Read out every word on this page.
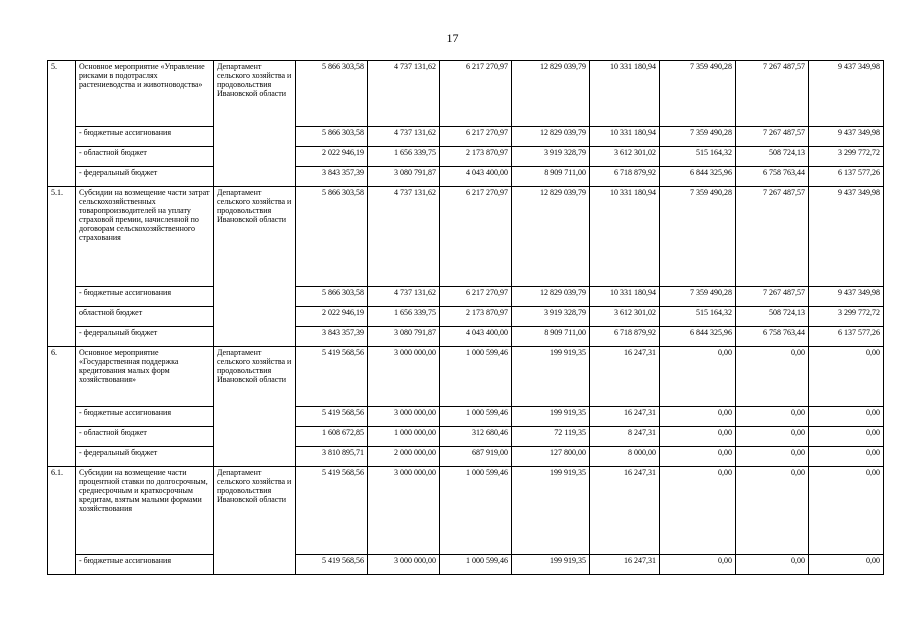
17
5.	Основное мероприятие «Управление рисками в подотраслях растениеводства и животноводства»	Департамент сельского хозяйства и продовольствия Ивановской области	5 866 303,58	4 737 131,62	6 217 270,97	12 829 039,79	10 331 180,94	7 359 490,28	7 267 487,57	9 437 349,98
	- бюджетные ассигнования		5 866 303,58	4 737 131,62	6 217 270,97	12 829 039,79	10 331 180,94	7 359 490,28	7 267 487,57	9 437 349,98
	- областной бюджет		2 022 946,19	1 656 339,75	2 173 870,97	3 919 328,79	3 612 301,02	515 164,32	508 724,13	3 299 772,72
	- федеральный бюджет		3 843 357,39	3 080 791,87	4 043 400,00	8 909 711,00	6 718 879,92	6 844 325,96	6 758 763,44	6 137 577,26
5.1.	Субсидии на возмещение части затрат сельскохозяйственных товаропроизводителей на уплату страховой премии, начисленной по договорам сельскохозяйственного страхования	Департамент сельского хозяйства и продовольствия Ивановской области	5 866 303,58	4 737 131,62	6 217 270,97	12 829 039,79	10 331 180,94	7 359 490,28	7 267 487,57	9 437 349,98
	- бюджетные ассигнования		5 866 303,58	4 737 131,62	6 217 270,97	12 829 039,79	10 331 180,94	7 359 490,28	7 267 487,57	9 437 349,98
	областной бюджет		2 022 946,19	1 656 339,75	2 173 870,97	3 919 328,79	3 612 301,02	515 164,32	508 724,13	3 299 772,72
	- федеральный бюджет		3 843 357,39	3 080 791,87	4 043 400,00	8 909 711,00	6 718 879,92	6 844 325,96	6 758 763,44	6 137 577,26
6.	Основное мероприятие «Государственная поддержка кредитования малых форм хозяйствования»	Департамент сельского хозяйства и продовольствия Ивановской области	5 419 568,56	3 000 000,00	1 000 599,46	199 919,35	16 247,31	0,00	0,00	0,00
	- бюджетные ассигнования		5 419 568,56	3 000 000,00	1 000 599,46	199 919,35	16 247,31	0,00	0,00	0,00
	- областной бюджет		1 608 672,85	1 000 000,00	312 680,46	72 119,35	8 247,31	0,00	0,00	0,00
	- федеральный бюджет		3 810 895,71	2 000 000,00	687 919,00	127 800,00	8 000,00	0,00	0,00	0,00
6.1.	Субсидии на возмещение части процентной ставки по долгосрочным, среднесрочным и краткосрочным кредитам, взятым малыми формами хозяйствования	Департамент сельского хозяйства и продовольствия Ивановской области	5 419 568,56	3 000 000,00	1 000 599,46	199 919,35	16 247,31	0,00	0,00	0,00
	- бюджетные ассигнования		5 419 568,56	3 000 000,00	1 000 599,46	199 919,35	16 247,31	0,00	0,00	0,00
